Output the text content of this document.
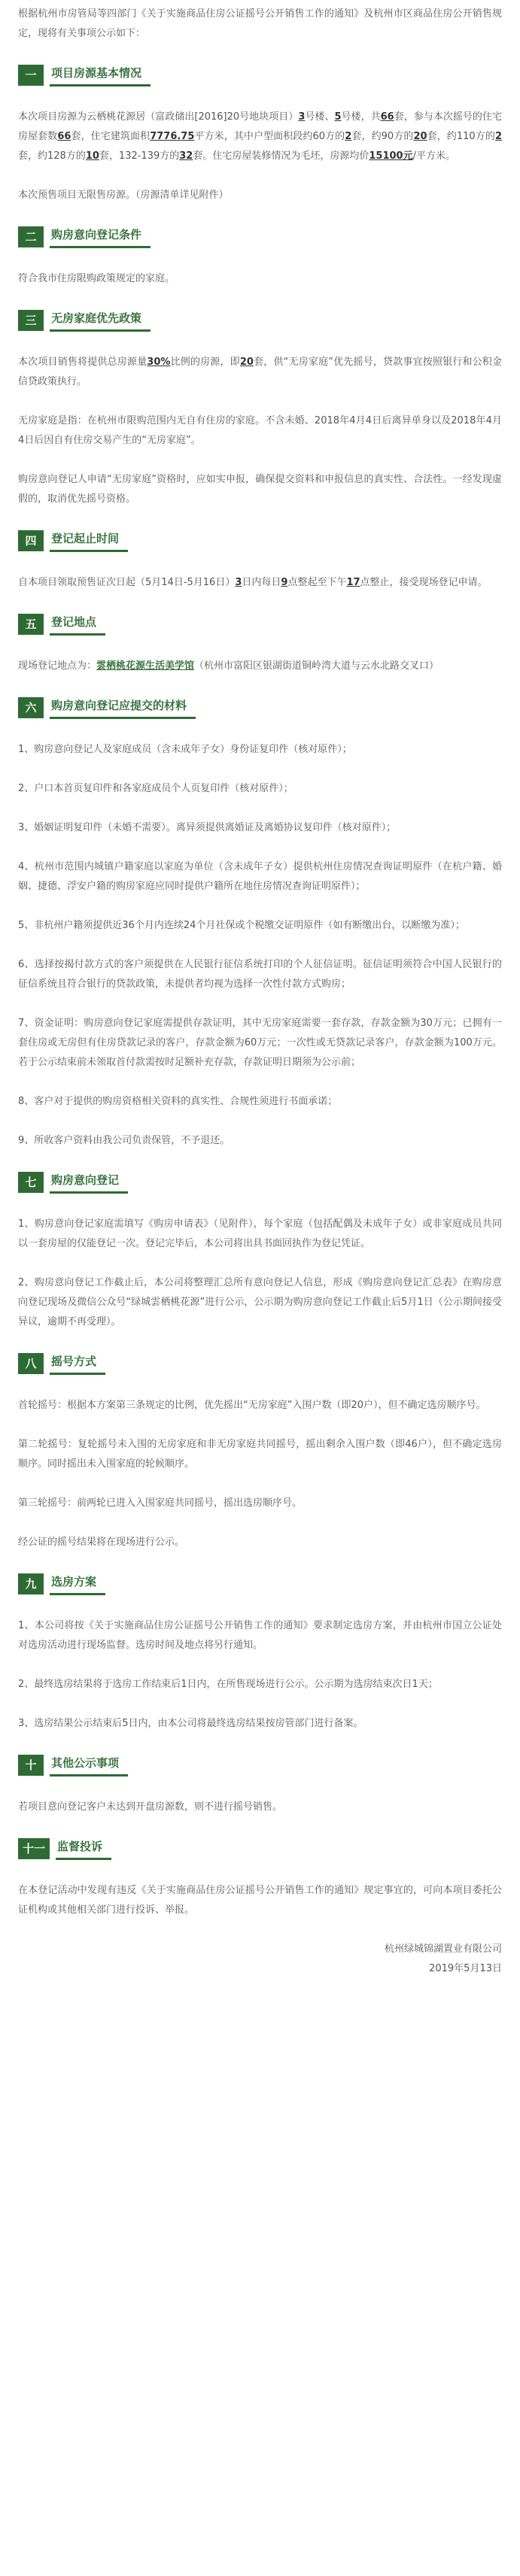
根据杭州市房管局等四部门《关于实施商品住房公证摇号公开销售工作的通知》及杭州市区商品住房公开销售规定，现将有关事项公示如下：

一	项目房源基本情况

本次项目房源为云栖桃花源居（富政储出[2016]20号地块项目）3号楼、5号楼，共66套，参与本次摇号的住宅房屋套数66套，住宅建筑面积7776.75平方米，其中户型面积段约60方的2套，约90方的20套，约110方的2套，约128方的10套，132-139方的32套。住宅房屋装修情况为毛坯，房源均价15100元/平方米。

本次预售项目无限售房源。（房源清单详见附件）

二	购房意向登记条件

符合我市住房限购政策规定的家庭。

三	无房家庭优先政策

本次项目销售将提供总房源量30%比例的房源，即20套，供“无房家庭”优先摇号，贷款事宜按照银行和公积金信贷政策执行。

无房家庭是指：在杭州市限购范围内无自有住房的家庭。不含未婚、2018年4月4日后离异单身以及2018年4月4日后因自有住房交易产生的“无房家庭”。

购房意向登记人申请“无房家庭”资格时，应如实申报，确保提交资料和申报信息的真实性、合法性。一经发现虚假的，取消优先摇号资格。

四	登记起止时间

自本项目领取预售证次日起（5月14日-5月16日）3日内每日9点整起至下午17点整止，接受现场登记申请。

五	登记地点

现场登记地点为：雲栖桃花源生活美学馆（杭州市富阳区银湖街道铜岭湾大道与云水北路交叉口）

六	购房意向登记应提交的材料

1、购房意向登记人及家庭成员（含未成年子女）身份证复印件（核对原件）；

2、户口本首页复印件和各家庭成员个人页复印件（核对原件）；

3、婚姻证明复印件（未婚不需要）。离异须提供离婚证及离婚协议复印件（核对原件）；

4、杭州市范围内城镇户籍家庭以家庭为单位（含未成年子女）提供杭州住房情况查询证明原件（在杭户籍、婚姻、捷德、浮安户籍的购房家庭应同时提供户籍所在地住房情况查询证明原件）；

5、非杭州户籍须提供近36个月内连续24个月社保或个税缴交证明原件（如有断缴出台，以断缴为准）；

6、选择按揭付款方式的客户须提供在人民银行征信系统打印的个人征信证明。征信证明须符合中国人民银行的征信系统且符合银行的贷款政策，未提供者均视为选择一次性付款方式购房；

7、资金证明：购房意向登记家庭需提供存款证明，其中无房家庭需要一套存款，存款金额为30万元；已拥有一套住房或无房但有住房贷款记录的客户，存款金额为60万元；一次性或无贷款记录客户，存款金额为100万元。若于公示结束前未领取首付款需按时足额补充存款，存款证明日期须为公示前；

8、客户对于提供的购房资格相关资料的真实性、合规性须进行书面承诺；

9、所收客户资料由我公司负责保管，不予退还。

七	购房意向登记

1、购房意向登记家庭需填写《购房申请表》（见附件），每个家庭（包括配偶及未成年子女）或非家庭成员共同以一套房屋的仅能登记一次。登记完毕后，本公司将出具书面回执作为登记凭证。

2、购房意向登记工作截止后，本公司将整理汇总所有意向登记人信息，形成《购房意向登记汇总表》在购房意向登记现场及微信公众号“绿城雲栖桃花源”进行公示，公示期为购房意向登记工作截止后5月1日（公示期间接受异议，逾期不再受理）。

八	摇号方式

首轮摇号：根据本方案第三条规定的比例，优先摇出“无房家庭”入围户数（即20户），但不确定选房顺序号。

第二轮摇号：复轮摇号未入围的无房家庭和非无房家庭共同摇号，摇出剩余入围户数（即46户），但不确定选房顺序。同时摇出未入围家庭的轮候顺序。

第三轮摇号：前两轮已进入入围家庭共同摇号，摇出选房顺序号。

经公证的摇号结果将在现场进行公示。

九	选房方案

1、本公司将按《关于实施商品住房公证摇号公开销售工作的通知》要求制定选房方案，并由杭州市国立公证处对选房活动进行现场监督。选房时间及地点将另行通知。

2、最终选房结果将于选房工作结束后1日内，在所售现场进行公示。公示期为选房结束次日1天；

3、选房结果公示结束后5日内，由本公司将最终选房结果按房管部门进行备案。

十	其他公示事项

若项目意向登记客户未达到开盘房源数，则不进行摇号销售。

十一	监督投诉

在本登记活动中发现有违反《关于实施商品住房公证摇号公开销售工作的通知》规定事宜的，可向本项目委托公证机构或其他相关部门进行投诉、举报。

杭州绿城锦湖置业有限公司

2019年5月13日
